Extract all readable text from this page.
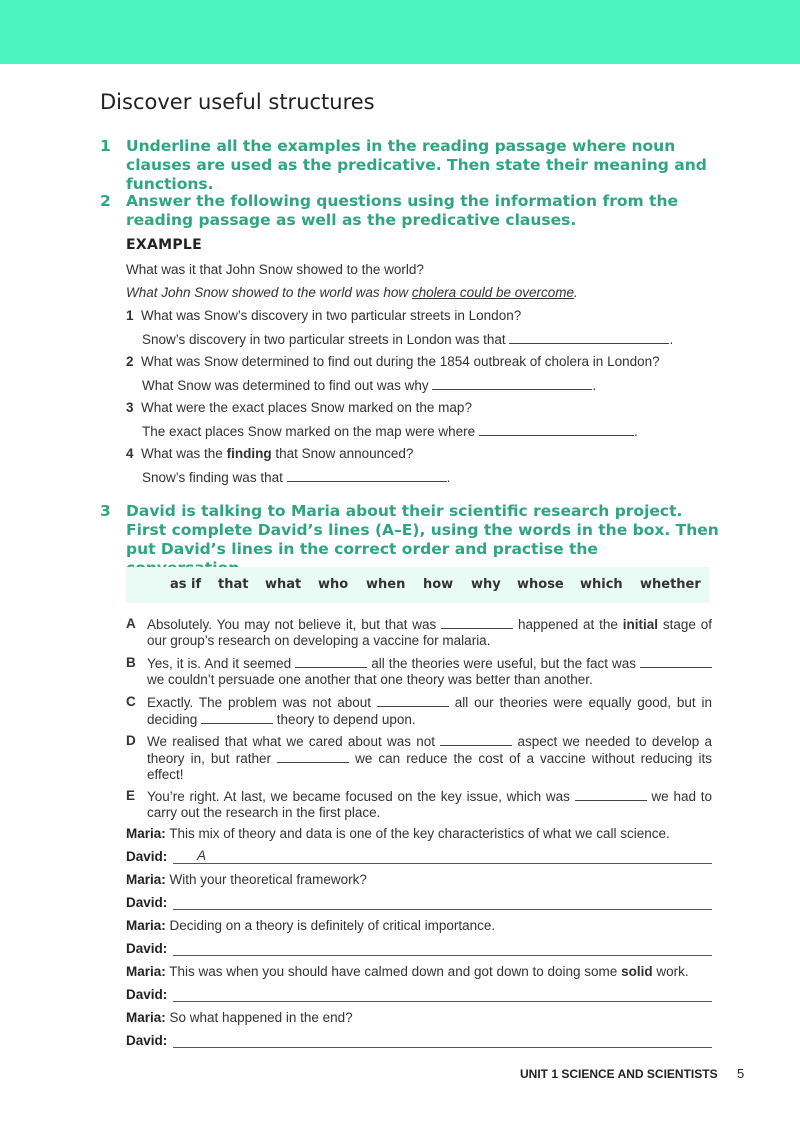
Discover useful structures
1 Underline all the examples in the reading passage where noun clauses are used as the predicative. Then state their meaning and functions.
2 Answer the following questions using the information from the reading passage as well as the predicative clauses.
EXAMPLE
What was it that John Snow showed to the world?
What John Snow showed to the world was how cholera could be overcome.
1 What was Snow’s discovery in two particular streets in London?
Snow’s discovery in two particular streets in London was that	.
2 What was Snow determined to find out during the 1854 outbreak of cholera in London?
What Snow was determined to find out was why	.
3 What were the exact places Snow marked on the map?
The exact places Snow marked on the map were where	.
4 What was the finding that Snow announced?
Snow’s finding was that	.
3 David is talking to Maria about their scientific research project. First complete David’s lines (A–E), using the words in the box. Then put David’s lines in the correct order and practise the
as if that what who when how why whose which whether
A Absolutely. You may not believe it, but that was	happened at the initial stage of our group’s research on developing a vaccine for malaria.
B Yes, it is. And it seemed	all the theories were useful, but the fact was  we couldn’t persuade one another that one theory was better than another.
C Exactly. The problem was not about	all our theories were equally good, but in deciding	theory to depend upon.
D We realised that what we cared about was not	aspect we needed to develop a theory in, but rather	we can reduce the cost of a vaccine without reducing its effect!
E You’re right. At last, we became focused on the key issue, which was	we had to carry out the research in the first place.
Maria: This mix of theory and data is one of the key characteristics of what we call science.
David:	A
Maria: With your theoretical framework?
David:
Maria: Deciding on a theory is definitely of critical importance.
David:
Maria: This was when you should have calmed down and got down to doing some solid work.
David:
Maria: So what happened in the end?
David:
UNIT 1 SCIENCE AND SCIENTISTS 5
